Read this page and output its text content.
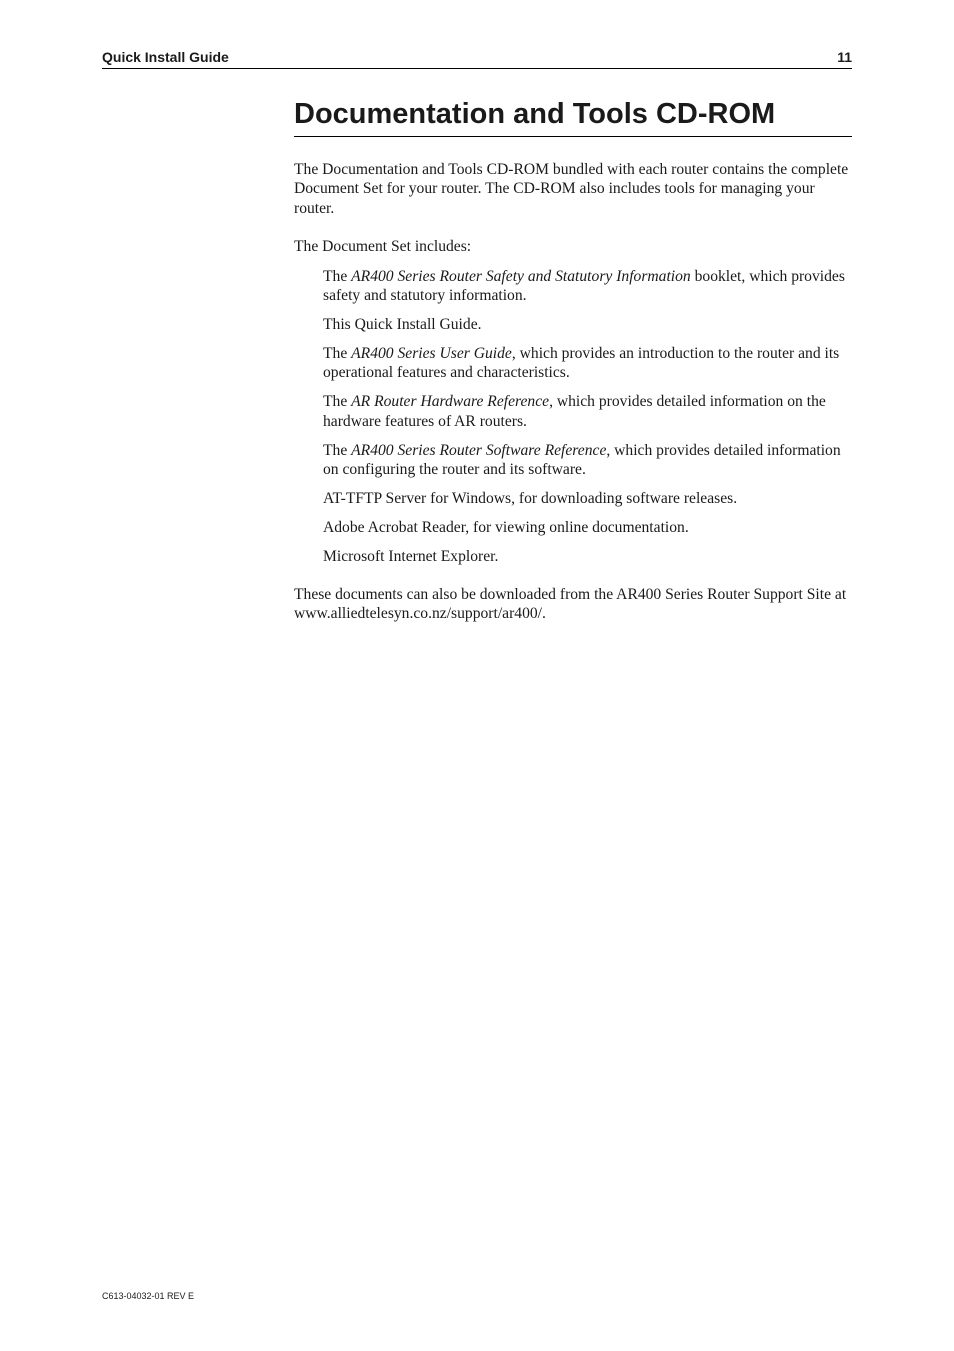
Quick Install Guide	11
Documentation and Tools CD-ROM

The Documentation and Tools CD-ROM bundled with each router contains the complete Document Set for your router. The CD-ROM also includes tools for managing your router.

The Document Set includes:

The AR400 Series Router Safety and Statutory Information booklet, which provides safety and statutory information.
This Quick Install Guide.
The AR400 Series User Guide, which provides an introduction to the router and its operational features and characteristics.
The AR Router Hardware Reference, which provides detailed information on the hardware features of AR routers.
The AR400 Series Router Software Reference, which provides detailed information on configuring the router and its software.
AT-TFTP Server for Windows, for downloading software releases.
Adobe Acrobat Reader, for viewing online documentation.
Microsoft Internet Explorer.

These documents can also be downloaded from the AR400 Series Router Support Site at www.alliedtelesyn.co.nz/support/ar400/.

C613-04032-01 REV E
